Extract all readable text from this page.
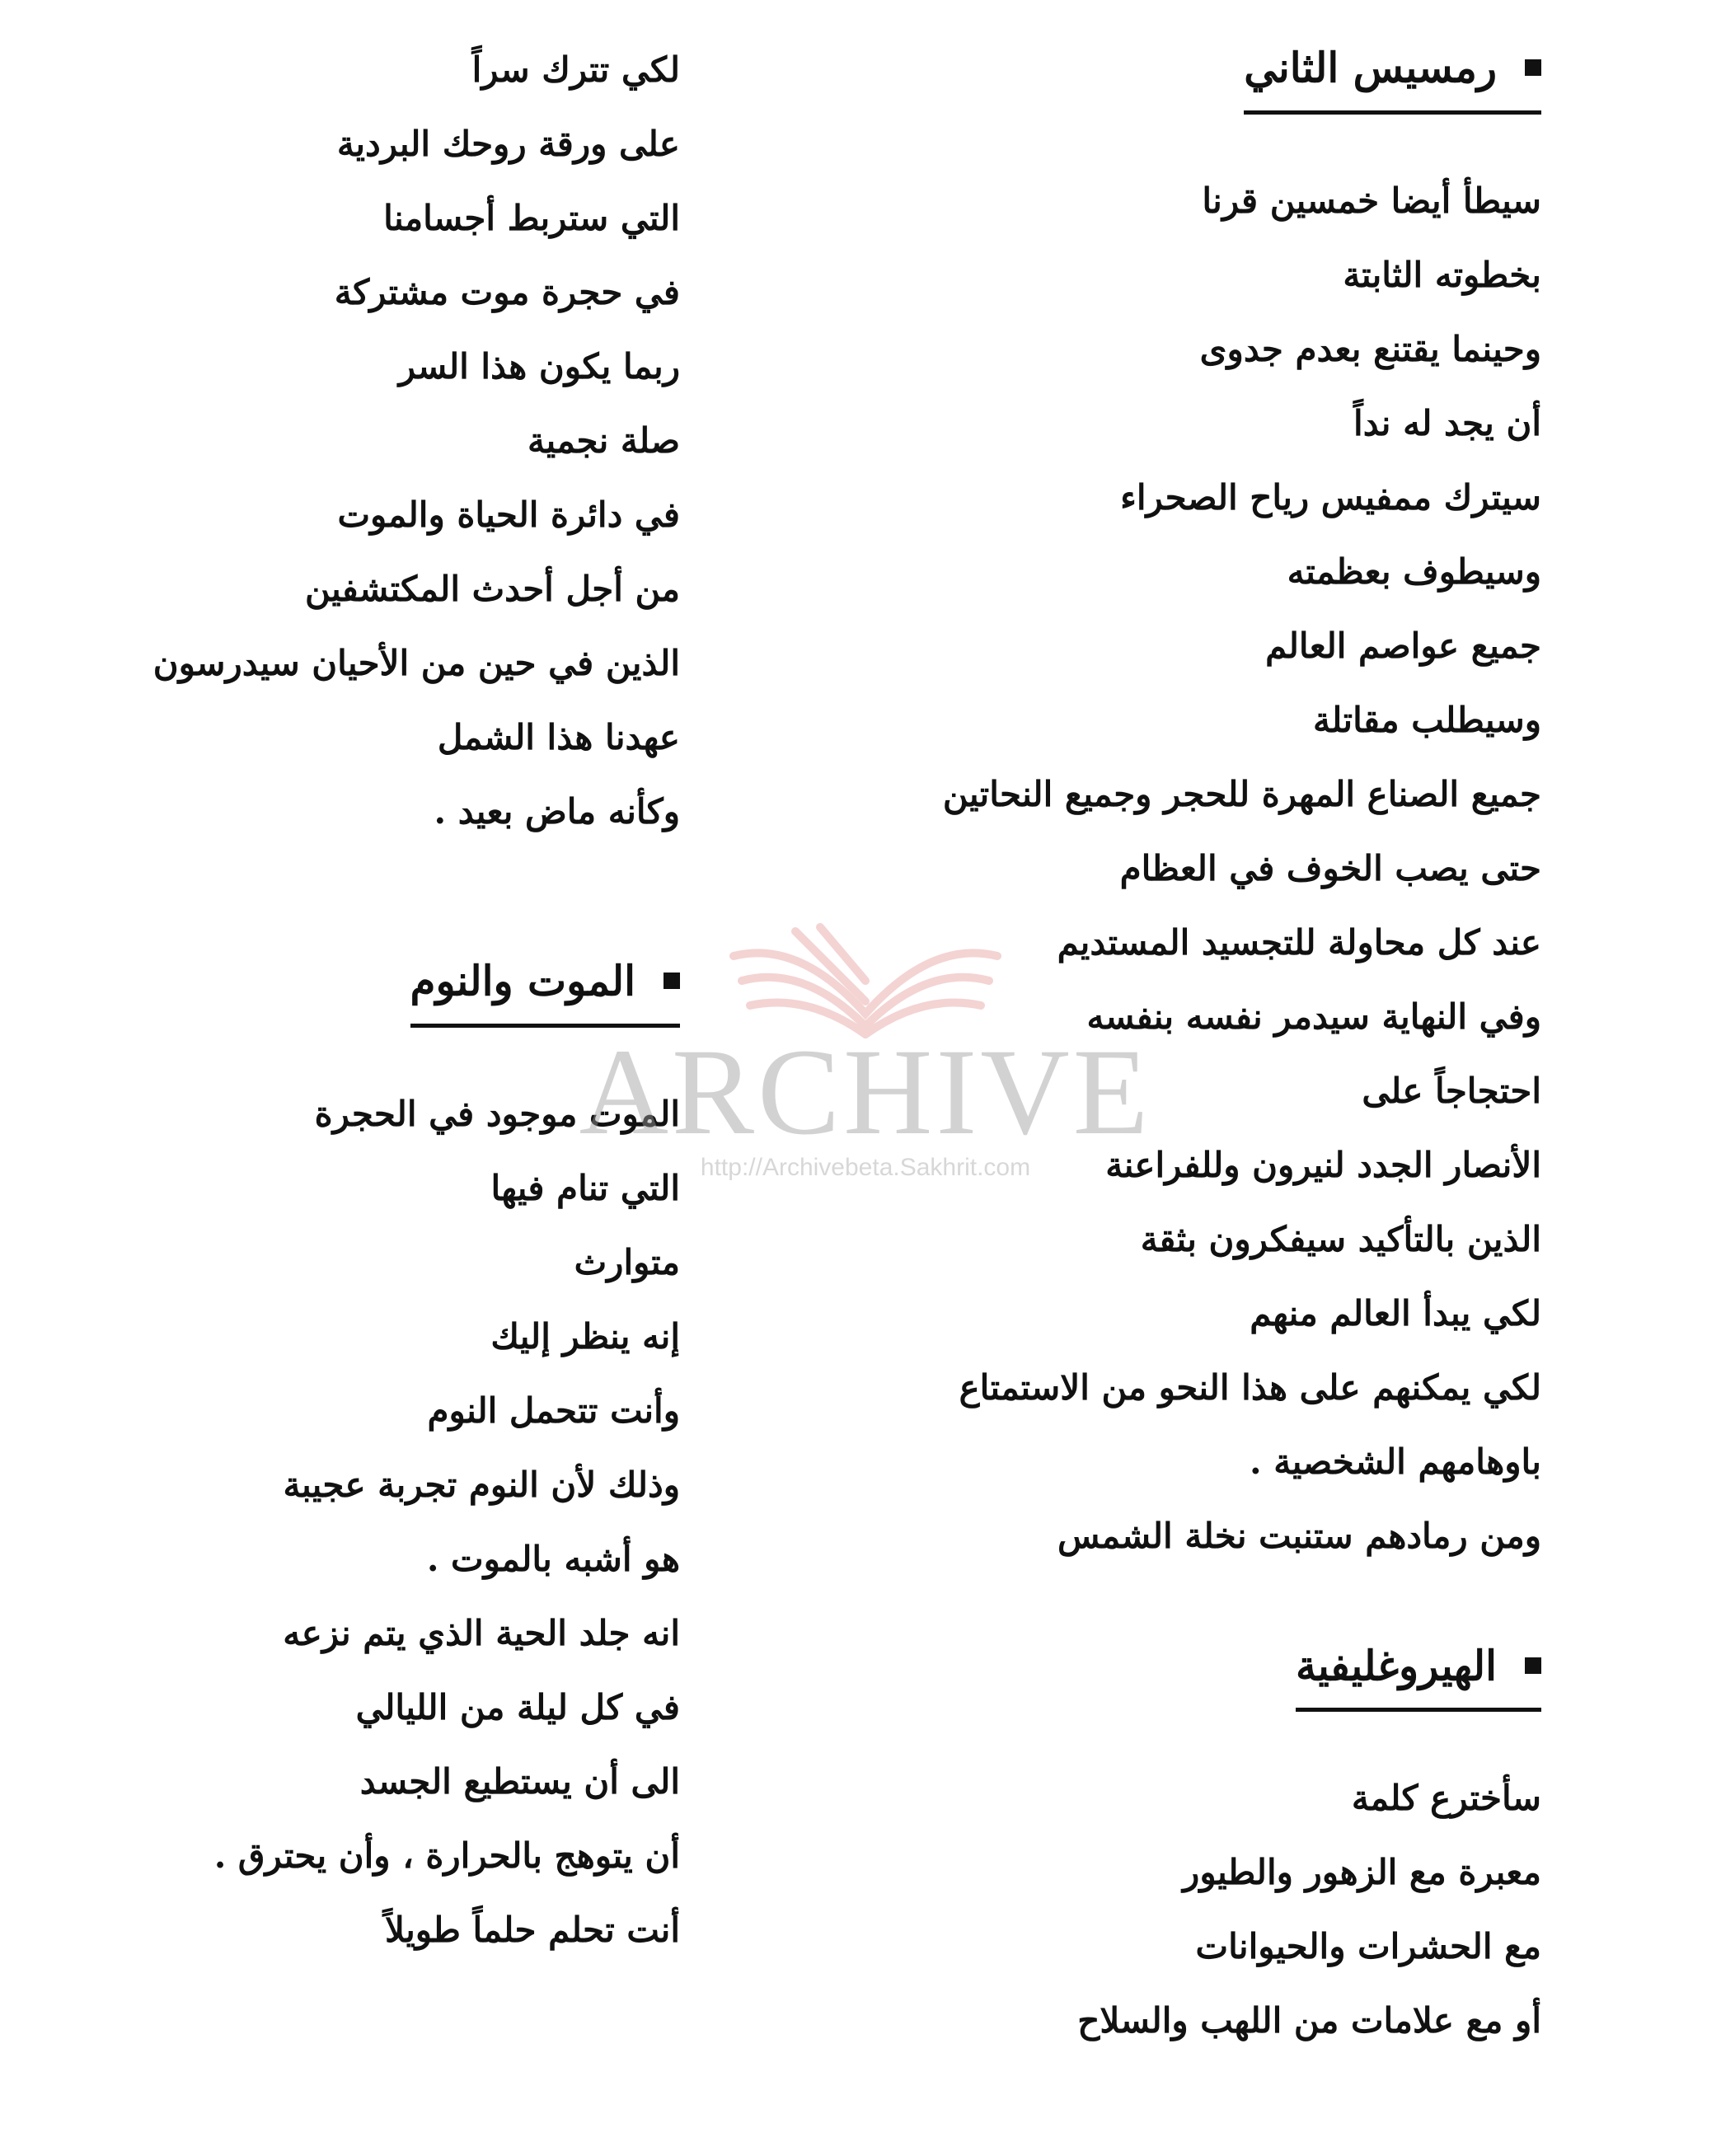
رمسيس الثاني
سيطأ أيضا خمسين قرنا
بخطوته الثابتة
وحينما يقتنع بعدم جدوى
أن يجد له نداً
سيترك ممفيس رياح الصحراء
وسيطوف بعظمته
جميع عواصم العالم
وسيطلب مقاتلة
جميع الصناع المهرة للحجر وجميع النحاتين
حتى يصب الخوف في العظام
عند كل محاولة للتجسيد المستديم
وفي النهاية سيدمر نفسه بنفسه
احتجاجاً على
الأنصار الجدد لنيرون وللفراعنة
الذين بالتأكيد سيفكرون بثقة
لكي يبدأ العالم منهم
لكي يمكنهم على هذا النحو من الاستمتاع
باوهامهم الشخصية .
ومن رمادهم ستنبت نخلة الشمس
الهيروغليفية
سأخترع كلمة
معبرة مع الزهور والطيور
مع الحشرات والحيوانات
أو مع علامات من اللهب والسلاح
لكي تترك سراً
على ورقة روحك البردية
التي ستربط أجسامنا
في حجرة موت مشتركة
ربما يكون هذا السر
صلة نجمية
في دائرة الحياة والموت
من أجل أحدث المكتشفين
الذين في حين من الأحيان سيدرسون
عهدنا هذا الشمل
وكأنه ماض بعيد .
الموت والنوم
الموت موجود في الحجرة
التي تنام فيها
متوارث
إنه ينظر إليك
وأنت تتحمل النوم
وذلك لأن النوم تجربة عجيبة
هو أشبه بالموت .
انه جلد الحية الذي يتم نزعه
في كل ليلة من الليالي
الى أن يستطيع الجسد
أن يتوهج بالحرارة ، وأن يحترق .
أنت تحلم حلماً طويلاً
ARCHIVE
http://Archivebeta.Sakhrit.com
